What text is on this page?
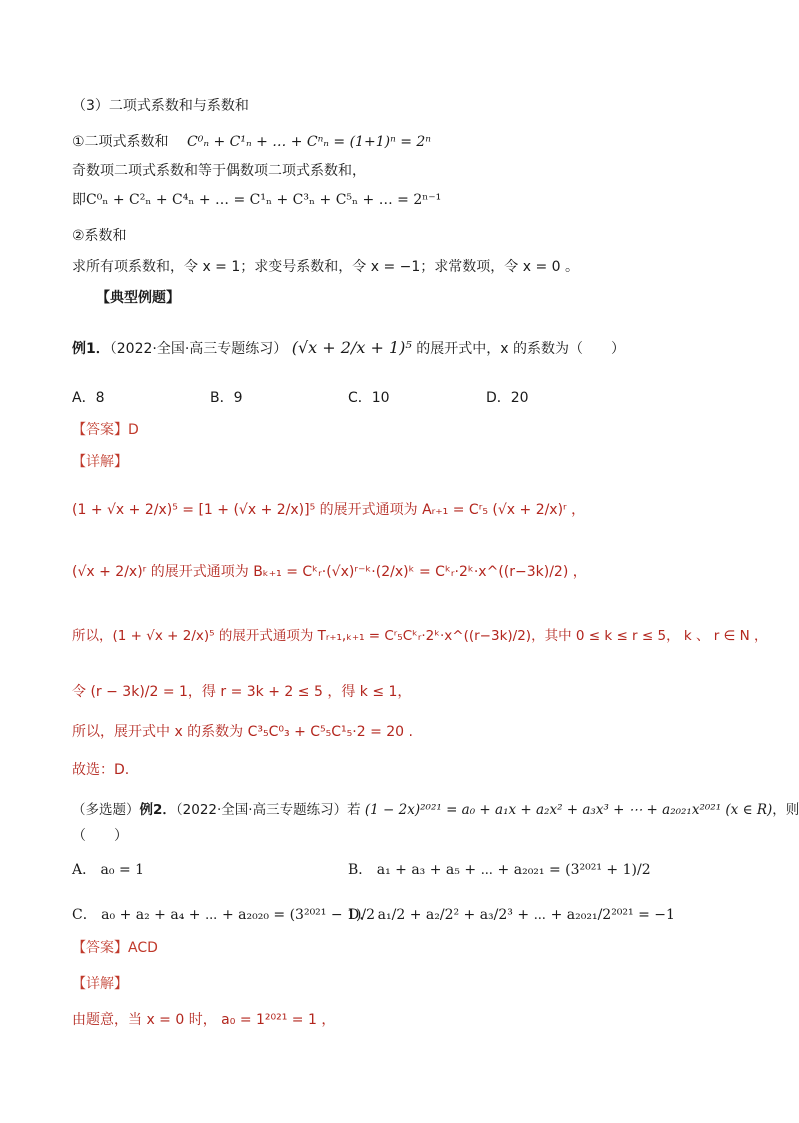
（3）二项式系数和与系数和
①二项式系数和 C⁰ₙ + C¹ₙ + … + Cⁿₙ = (1+1)ⁿ = 2ⁿ
奇数项二项式系数和等于偶数项二项式系数和，
即C⁰ₙ + C²ₙ + C⁴ₙ + … = C¹ₙ + C³ₙ + C⁵ₙ + … = 2ⁿ⁻¹
②系数和
求所有项系数和，令 x = 1；求变号系数和，令 x = −1；求常数项，令 x = 0 。
【典型例题】
例1．（2022·全国·高三专题练习） (√x + 2/x + 1)⁵ 的展开式中，x 的系数为（　　）
A．8	B．9	C．10	D．20
【答案】D
【详解】
(1 + √x + 2/x)⁵ = [1 + (√x + 2/x)]⁵ 的展开式通项为 Aᵣ₊₁ = Cʳ₅ (√x + 2/x)ʳ ，
(√x + 2/x)ʳ 的展开式通项为 Bₖ₊₁ = Cᵏᵣ·(√x)ʳ⁻ᵏ·(2/x)ᵏ = Cᵏᵣ·2ᵏ·x^((r−3k)/2) ，
所以，(1 + √x + 2/x)⁵ 的展开式通项为 Tᵣ₊₁,ₖ₊₁ = Cʳ₅Cᵏᵣ·2ᵏ·x^((r−3k)/2)，其中 0 ≤ k ≤ r ≤ 5， k 、 r ∈ N ，
令 (r − 3k)/2 = 1，得 r = 3k + 2 ≤ 5 ，得 k ≤ 1，
所以，展开式中 x 的系数为 C³₅C⁰₃ + C⁵₅C¹₅·2 = 20 .
故选：D.
（多选题）例2．（2022·全国·高三专题练习）若 (1 − 2x)²⁰²¹ = a₀ + a₁x + a₂x² + a₃x³ + ⋯ + a₂₀₂₁x²⁰²¹ (x ∈ R)，则
（　　）
A． a₀ = 1	B． a₁ + a₃ + a₅ + ⋯ + a₂₀₂₁ = (3²⁰²¹ + 1)/2
C． a₀ + a₂ + a₄ + ⋯ + a₂₀₂₀ = (3²⁰²¹ − 1)/2
D． a₁/2 + a₂/2² + a₃/2³ + ⋯ + a₂₀₂₁/2²⁰²¹ = −1
【答案】ACD
【详解】
由题意，当 x = 0 时， a₀ = 1²⁰²¹ = 1 ，
